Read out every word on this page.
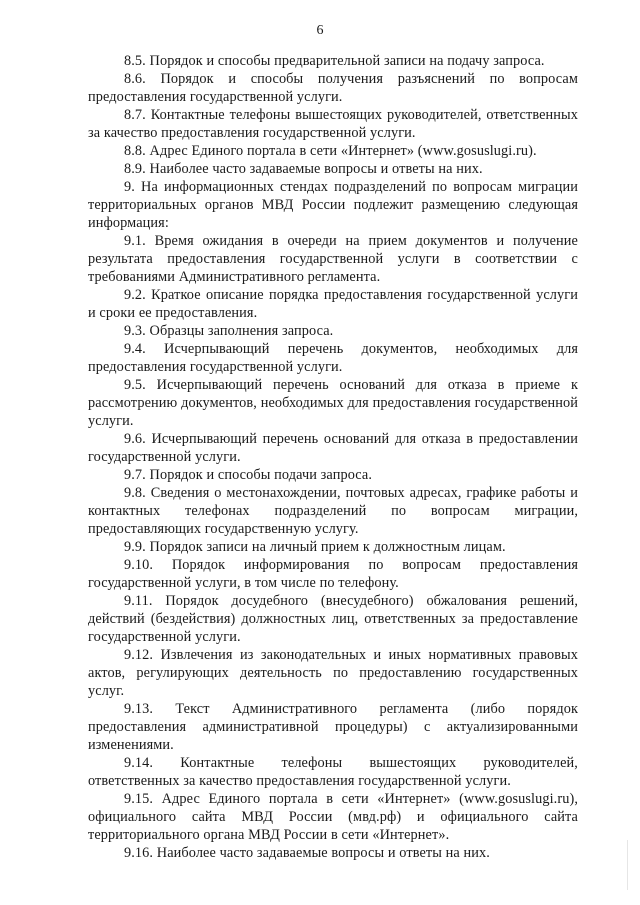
6

8.5. Порядок и способы предварительной записи на подачу запроса.

8.6. Порядок и способы получения разъяснений по вопросам предоставления государственной услуги.

8.7. Контактные телефоны вышестоящих руководителей, ответственных за качество предоставления государственной услуги.

8.8. Адрес Единого портала в сети «Интернет» (www.gosuslugi.ru).

8.9. Наиболее часто задаваемые вопросы и ответы на них.

9. На информационных стендах подразделений по вопросам миграции территориальных органов МВД России подлежит размещению следующая информация:

9.1. Время ожидания в очереди на прием документов и получение результата предоставления государственной услуги в соответствии с требованиями Административного регламента.

9.2. Краткое описание порядка предоставления государственной услуги и сроки ее предоставления.

9.3. Образцы заполнения запроса.

9.4. Исчерпывающий перечень документов, необходимых для предоставления государственной услуги.

9.5. Исчерпывающий перечень оснований для отказа в приеме к рассмотрению документов, необходимых для предоставления государственной услуги.

9.6. Исчерпывающий перечень оснований для отказа в предоставлении государственной услуги.

9.7. Порядок и способы подачи запроса.

9.8. Сведения о местонахождении, почтовых адресах, графике работы и контактных телефонах подразделений по вопросам миграции, предоставляющих государственную услугу.

9.9. Порядок записи на личный прием к должностным лицам.

9.10. Порядок информирования по вопросам предоставления государственной услуги, в том числе по телефону.

9.11. Порядок досудебного (внесудебного) обжалования решений, действий (бездействия) должностных лиц, ответственных за предоставление государственной услуги.

9.12. Извлечения из законодательных и иных нормативных правовых актов, регулирующих деятельность по предоставлению государственных услуг.

9.13. Текст Административного регламента (либо порядок предоставления административной процедуры) с актуализированными изменениями.

9.14. Контактные телефоны вышестоящих руководителей, ответственных за качество предоставления государственной услуги.

9.15. Адрес Единого портала в сети «Интернет» (www.gosuslugi.ru), официального сайта МВД России (мвд.рф) и официального сайта территориального органа МВД России в сети «Интернет».

9.16. Наиболее часто задаваемые вопросы и ответы на них.
